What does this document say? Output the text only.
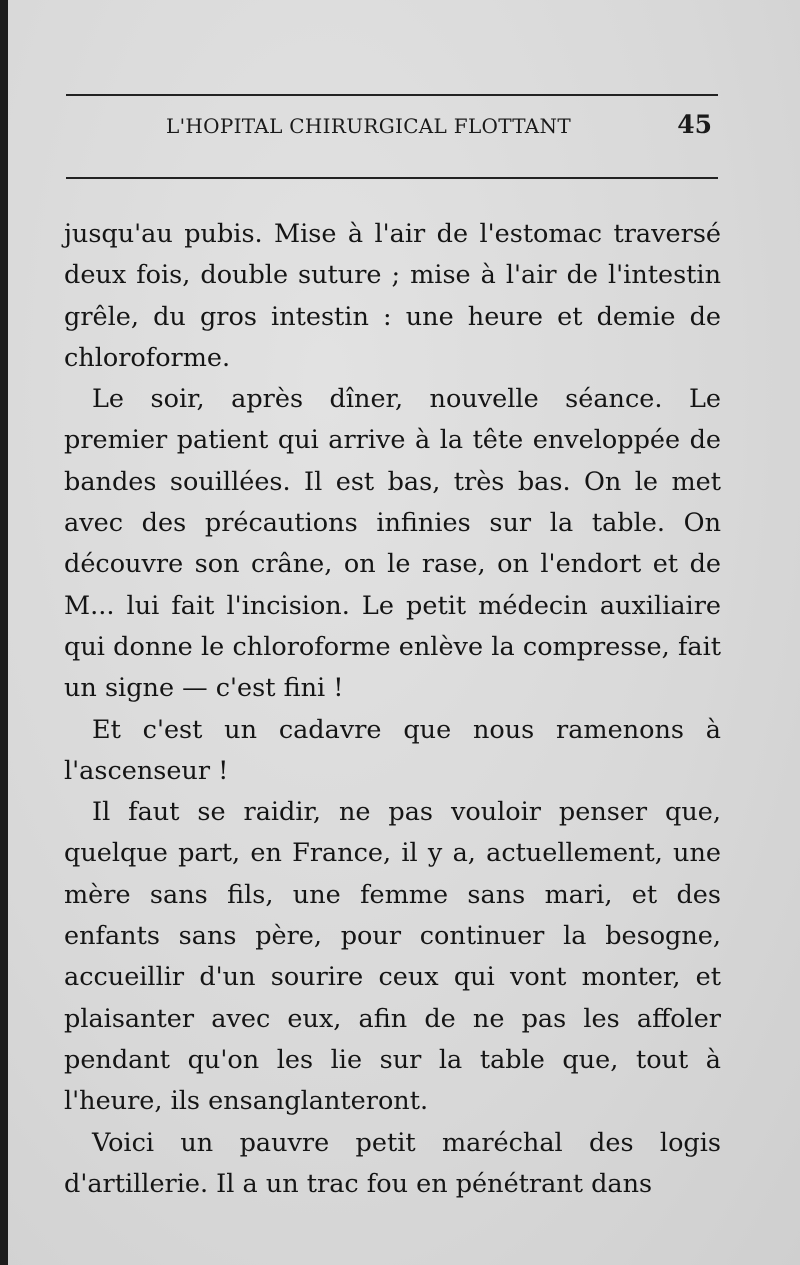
L'HOPITAL CHIRURGICAL FLOTTANT	45

jusqu'au pubis. Mise à l'air de l'estomac traversé deux fois, double suture ; mise à l'air de l'intestin grêle, du gros intestin : une heure et demie de chloroforme.

Le soir, après dîner, nouvelle séance. Le premier patient qui arrive à la tête enveloppée de bandes souillées. Il est bas, très bas. On le met avec des précautions infinies sur la table. On découvre son crâne, on le rase, on l'endort et de M... lui fait l'incision. Le petit médecin auxiliaire qui donne le chloroforme enlève la compresse, fait un signe — c'est fini !

Et c'est un cadavre que nous ramenons à l'ascenseur !

Il faut se raidir, ne pas vouloir penser que, quelque part, en France, il y a, actuellement, une mère sans fils, une femme sans mari, et des enfants sans père, pour continuer la besogne, accueillir d'un sourire ceux qui vont monter, et plaisanter avec eux, afin de ne pas les affoler pendant qu'on les lie sur la table que, tout à l'heure, ils ensanglanteront.

Voici un pauvre petit maréchal des logis d'artillerie. Il a un trac fou en pénétrant dans
